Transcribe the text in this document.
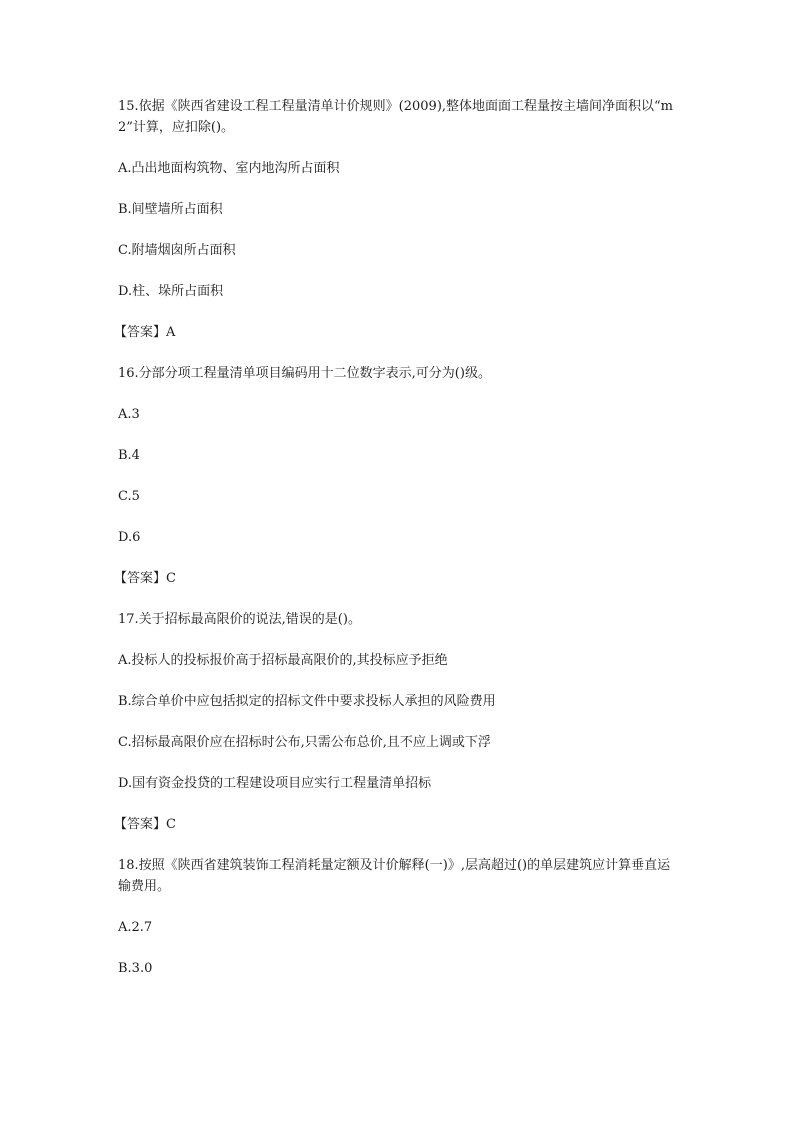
15.依据《陕西省建设工程工程量清单计价规则》(2009),整体地面面工程量按主墙间净面积以“m2”计算，应扣除()。

A.凸出地面构筑物、室内地沟所占面积

B.间壁墙所占面积

C.附墙烟囱所占面积

D.柱、垛所占面积

【答案】A

16.分部分项工程量清单项目编码用十二位数字表示,可分为()级。

A.3

B.4

C.5

D.6

【答案】C

17.关于招标最高限价的说法,错误的是()。

A.投标人的投标报价高于招标最高限价的,其投标应予拒绝

B.综合单价中应包括拟定的招标文件中要求投标人承担的风险费用

C.招标最高限价应在招标时公布,只需公布总价,且不应上调或下浮

D.国有资金投贷的工程建设项目应实行工程量清单招标

【答案】C

18.按照《陕西省建筑装饰工程消耗量定额及计价解释(一)》,层高超过()的单层建筑应计算垂直运输费用。

A.2.7

B.3.0
